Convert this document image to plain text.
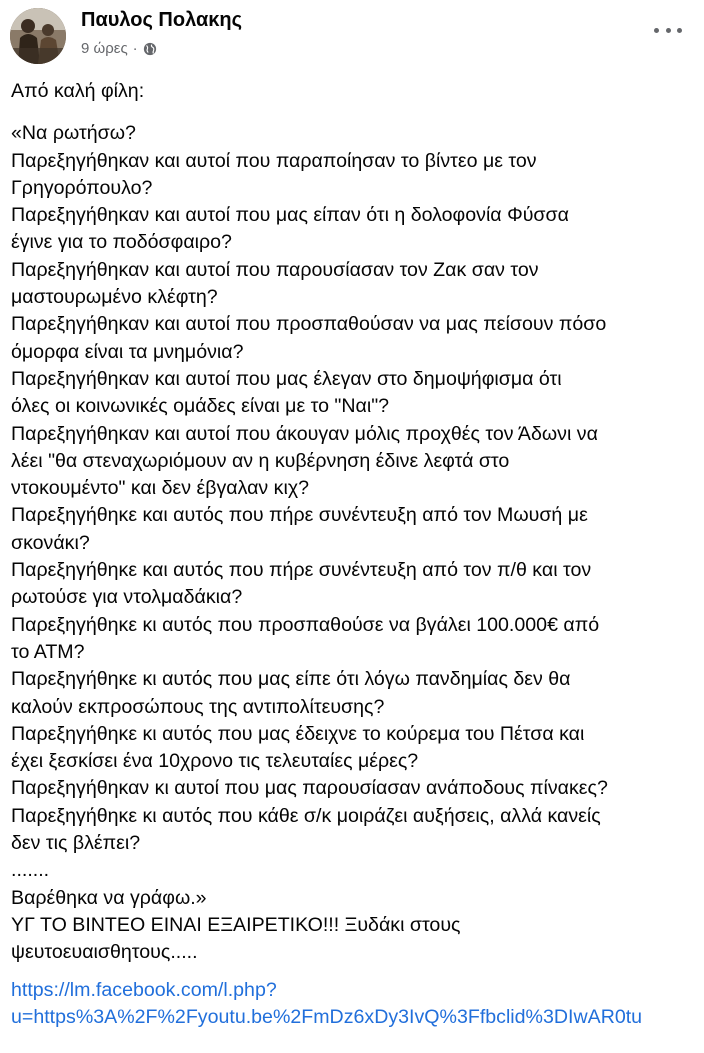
Παυλος Πολακης
9 ώρες ·
Από καλή φίλη:
«Να ρωτήσω?
Παρεξηγήθηκαν και αυτοί που παραποίησαν το βίντεο με τον
Γρηγορόπουλο?
Παρεξηγήθηκαν και αυτοί που μας είπαν ότι η δολοφονία Φύσσα
έγινε για το ποδόσφαιρο?
Παρεξηγήθηκαν και αυτοί που παρουσίασαν τον Ζακ σαν τον
μαστουρωμένο κλέφτη?
Παρεξηγήθηκαν και αυτοί που προσπαθούσαν να μας πείσουν πόσο
όμορφα είναι τα μνημόνια?
Παρεξηγήθηκαν και αυτοί που μας έλεγαν στο δημοψήφισμα ότι
όλες οι κοινωνικές ομάδες είναι με το "Ναι"?
Παρεξηγήθηκαν και αυτοί που άκουγαν μόλις προχθές τον Άδωνι να
λέει "θα στεναχωριόμουν αν η κυβέρνηση έδινε λεφτά στο
ντοκουμέντο" και δεν έβγαλαν κιχ?
Παρεξηγήθηκε και αυτός που πήρε συνέντευξη από τον Μωυσή με
σκονάκι?
Παρεξηγήθηκε και αυτός που πήρε συνέντευξη από τον π/θ και τον
ρωτούσε για ντολμαδάκια?
Παρεξηγήθηκε κι αυτός που προσπαθούσε να βγάλει 100.000€ από
το ΑΤΜ?
Παρεξηγήθηκε κι αυτός που μας είπε ότι λόγω πανδημίας δεν θα
καλούν εκπροσώπους της αντιπολίτευσης?
Παρεξηγήθηκε κι αυτός που μας έδειχνε το κούρεμα του Πέτσα και
έχει ξεσκίσει ένα 10χρονο τις τελευταίες μέρες?
Παρεξηγήθηκαν κι αυτοί που μας παρουσίασαν ανάποδους πίνακες?
Παρεξηγήθηκε κι αυτός που κάθε σ/κ μοιράζει αυξήσεις, αλλά κανείς
δεν τις βλέπει?
.......
Βαρέθηκα να γράφω.»
ΥΓ ΤΟ ΒΙΝΤΕΟ ΕΙΝΑΙ ΕΞΑΙΡΕΤΙΚΟ!!! Ξυδάκι στους
ψευτοευαισθητους.....
https://lm.facebook.com/l.php?
u=https%3A%2F%2Fyoutu.be%2FmDz6xDy3IvQ%3Ffbclid%3DIwAR0tu
